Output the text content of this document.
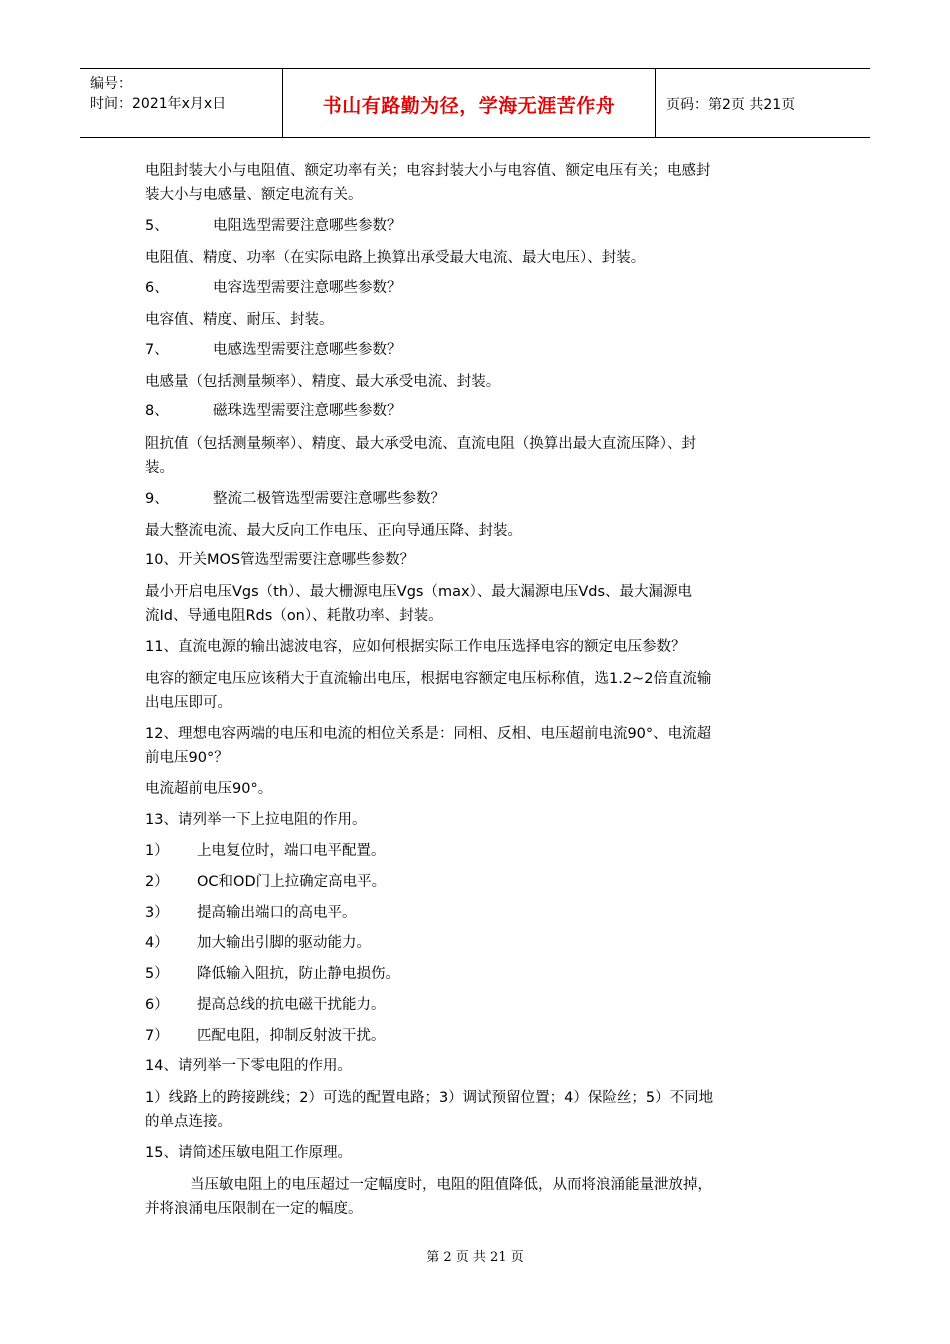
编号：
时间：2021年x月x日	书山有路勤为径，学海无涯苦作舟	页码：第2页 共21页
电阻封装大小与电阻值、额定功率有关；电容封装大小与电容值、额定电压有关；电感封
装大小与电感量、额定电流有关。
5、	电阻选型需要注意哪些参数？
电阻值、精度、功率（在实际电路上换算出承受最大电流、最大电压）、封装。
6、	电容选型需要注意哪些参数？
电容值、精度、耐压、封装。
7、	电感选型需要注意哪些参数？
电感量（包括测量频率）、精度、最大承受电流、封装。
8、	磁珠选型需要注意哪些参数？
阻抗值（包括测量频率）、精度、最大承受电流、直流电阻（换算出最大直流压降）、封
装。
9、	整流二极管选型需要注意哪些参数？
最大整流电流、最大反向工作电压、正向导通压降、封装。
10、开关MOS管选型需要注意哪些参数？
最小开启电压Vgs（th）、最大栅源电压Vgs（max）、最大漏源电压Vds、最大漏源电
流Id、导通电阻Rds（on）、耗散功率、封装。
11、直流电源的输出滤波电容，应如何根据实际工作电压选择电容的额定电压参数？
电容的额定电压应该稍大于直流输出电压，根据电容额定电压标称值，选1.2~2倍直流输
出电压即可。
12、理想电容两端的电压和电流的相位关系是：同相、反相、电压超前电流90°、电流超
前电压90°？
电流超前电压90°。
13、请列举一下上拉电阻的作用。
1） 上电复位时，端口电平配置。
2） OC和OD门上拉确定高电平。
3） 提高输出端口的高电平。
4） 加大输出引脚的驱动能力。
5） 降低输入阻抗，防止静电损伤。
6） 提高总线的抗电磁干扰能力。
7） 匹配电阻，抑制反射波干扰。
14、请列举一下零电阻的作用。
1）线路上的跨接跳线；2）可选的配置电路；3）调试预留位置；4）保险丝；5）不同地
的单点连接。
15、请简述压敏电阻工作原理。
当压敏电阻上的电压超过一定幅度时，电阻的阻值降低，从而将浪涌能量泄放掉，
并将浪涌电压限制在一定的幅度。
第 2 页 共 21 页
